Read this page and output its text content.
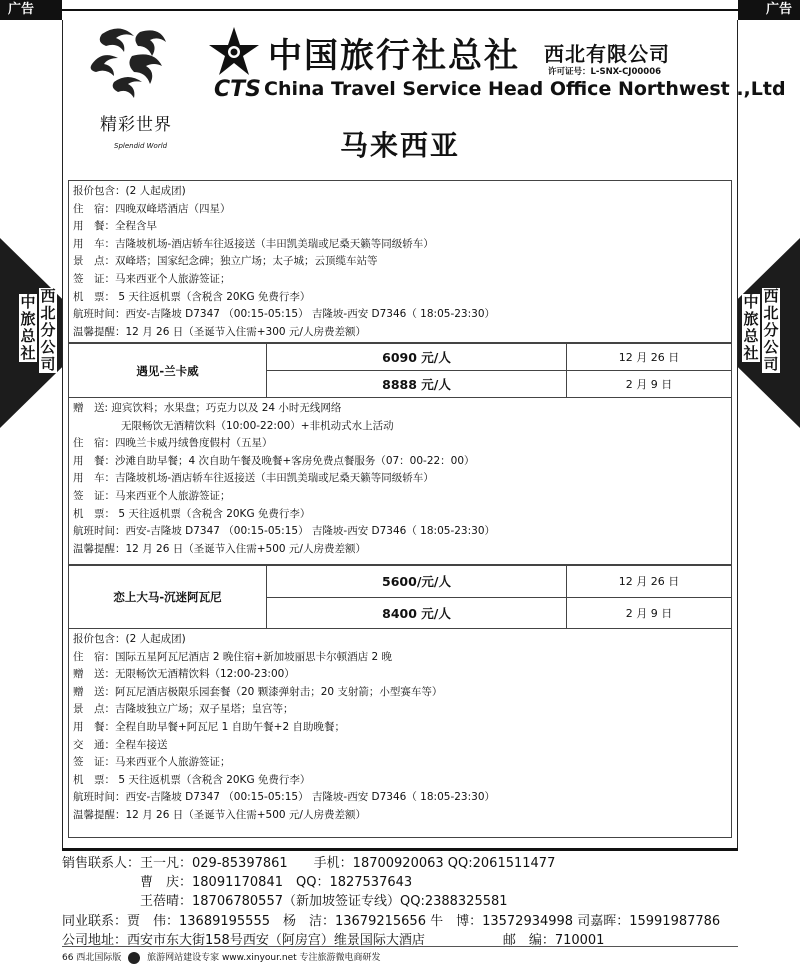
广告	广告
精彩世界
Splendid World
中国旅行社总社 西北有限公司
许可证号：L-SNX-CJ00006
CTS China Travel Service Head Office Northwest .,Ltd
马来西亚
西北分公司
中旅总社
西北分公司
中旅总社
报价包含：(2 人起成团)
住　宿：四晚双峰塔酒店（四星）
用　餐：全程含早
用　车：吉隆坡机场-酒店轿车往返接送（丰田凯美瑞或尼桑天籁等同级轿车）
景　点：双峰塔；国家纪念碑；独立广场；太子城；云顶缆车站等
签　证：马来西亚个人旅游签证；
机　票： 5 天往返机票（含税含 20KG 免费行李）
航班时间：西安-吉隆坡 D7347 （00:15-05:15） 吉隆坡-西安 D7346（ 18:05-23:30）
温馨提醒：12 月 26 日（圣诞节入住需+300 元/人房费差额）
遇见-兰卡威	6090 元/人	12 月 26 日
	8888 元/人	2 月 9 日
赠　送: 迎宾饮料；水果盘；巧克力以及 24 小时无线网络
无限畅饮无酒精饮料（10:00-22:00）+非机动式水上活动
住　宿：四晚兰卡威丹绒鲁度假村（五星）
用　餐：沙滩自助早餐；4 次自助午餐及晚餐+客房免费点餐服务（07：00-22：00）
用　车：吉隆坡机场-酒店轿车往返接送（丰田凯美瑞或尼桑天籁等同级轿车）
签　证：马来西亚个人旅游签证；
机　票： 5 天往返机票（含税含 20KG 免费行李）
航班时间：西安-吉隆坡 D7347 （00:15-05:15） 吉隆坡-西安 D7346（ 18:05-23:30）
温馨提醒：12 月 26 日（圣诞节入住需+500 元/人房费差额）
恋上大马-沉迷阿瓦尼	5600/元/人	12 月 26 日
	8400 元/人	2 月 9 日
报价包含：(2 人起成团)
住　宿：国际五星阿瓦尼酒店 2 晚住宿+新加坡丽思卡尔顿酒店 2 晚
赠　送：无限畅饮无酒精饮料（12:00-23:00）
赠　送：阿瓦尼酒店极限乐园套餐（20 颗漆弹射击；20 支射箭；小型赛车等）
景　点：吉隆坡独立广场；双子星塔；皇宫等；
用　餐：全程自助早餐+阿瓦尼 1 自助午餐+2 自助晚餐；
交　通：全程车接送
签　证：马来西亚个人旅游签证；
机　票： 5 天往返机票（含税含 20KG 免费行李）
航班时间：西安-吉隆坡 D7347 （00:15-05:15） 吉隆坡-西安 D7346（ 18:05-23:30）
温馨提醒：12 月 26 日（圣诞节入住需+500 元/人房费差额）
销售联系人：王一凡：029-85397861　　手机：18700920063 QQ:2061511477
曹　庆：18091170841　QQ：1827537643
王蓓晴：18706780557（新加坡签证专线）QQ:2388325581
同业联系：贾　伟：13689195555　杨　洁：13679215656 牛　博：13572934998 司嘉晖：15991987786
公司地址：西安市东大街158号西安（阿房宫）维景国际大酒店　　　　　　邮　编：710001
66 西北国际版	旅游网站建设专家 www.xinyour.net 专注旅游微电商研发
